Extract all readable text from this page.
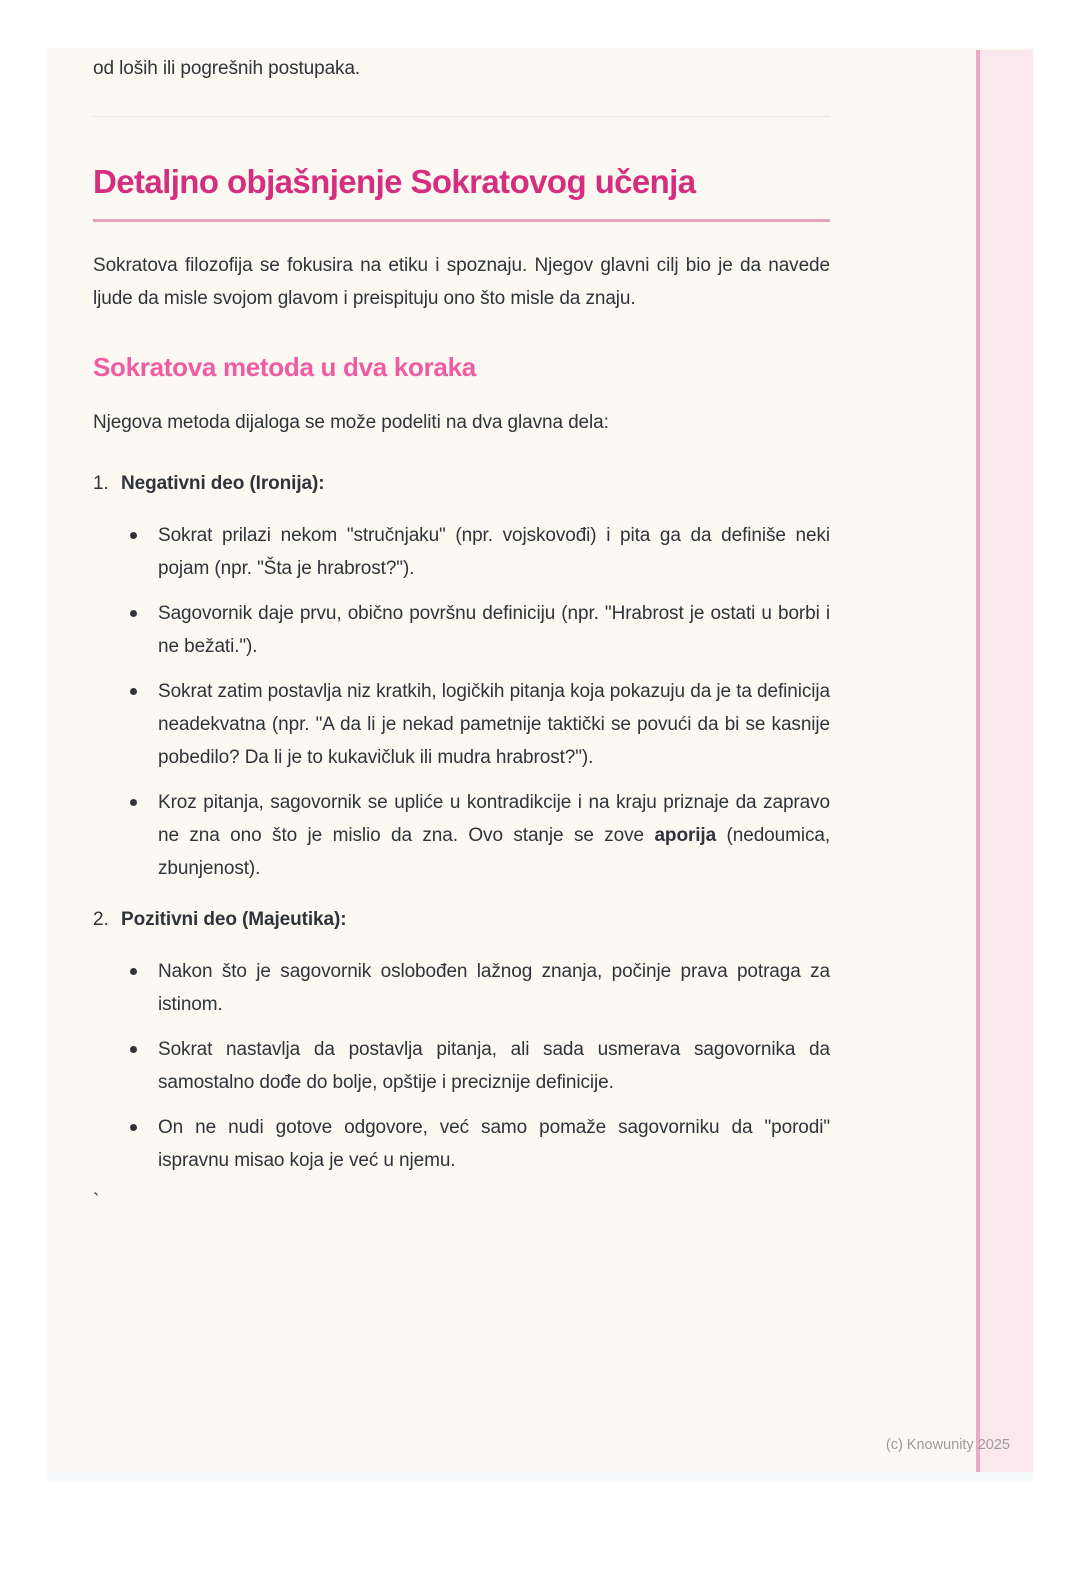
od loših ili pogrešnih postupaka.

Detaljno objašnjenje Sokratovog učenja

Sokratova filozofija se fokusira na etiku i spoznaju. Njegov glavni cilj bio je da navede ljude da misle svojom glavom i preispituju ono što misle da znaju.

Sokratova metoda u dva koraka

Njegova metoda dijaloga se može podeliti na dva glavna dela:

1. Negativni deo (Ironija):
Sokrat prilazi nekom "stručnjaku" (npr. vojskovođi) i pita ga da definiše neki pojam (npr. "Šta je hrabrost?").
Sagovornik daje prvu, obično površnu definiciju (npr. "Hrabrost je ostati u borbi i ne bežati.").
Sokrat zatim postavlja niz kratkih, logičkih pitanja koja pokazuju da je ta definicija neadekvatna (npr. "A da li je nekad pametnije taktički se povući da bi se kasnije pobedilo? Da li je to kukavičluk ili mudra hrabrost?").
Kroz pitanja, sagovornik se upliće u kontradikcije i na kraju priznaje da zapravo ne zna ono što je mislio da zna. Ovo stanje se zove aporija (nedoumica, zbunjenost).
2. Pozitivni deo (Majeutika):
Nakon što je sagovornik oslobođen lažnog znanja, počinje prava potraga za istinom.
Sokrat nastavlja da postavlja pitanja, ali sada usmerava sagovornika da samostalno dođe do bolje, opštije i preciznije definicije.
On ne nudi gotove odgovore, već samo pomaže sagovorniku da "porodi" ispravnu misao koja je već u njemu.

`

(c) Knowunity 2025
